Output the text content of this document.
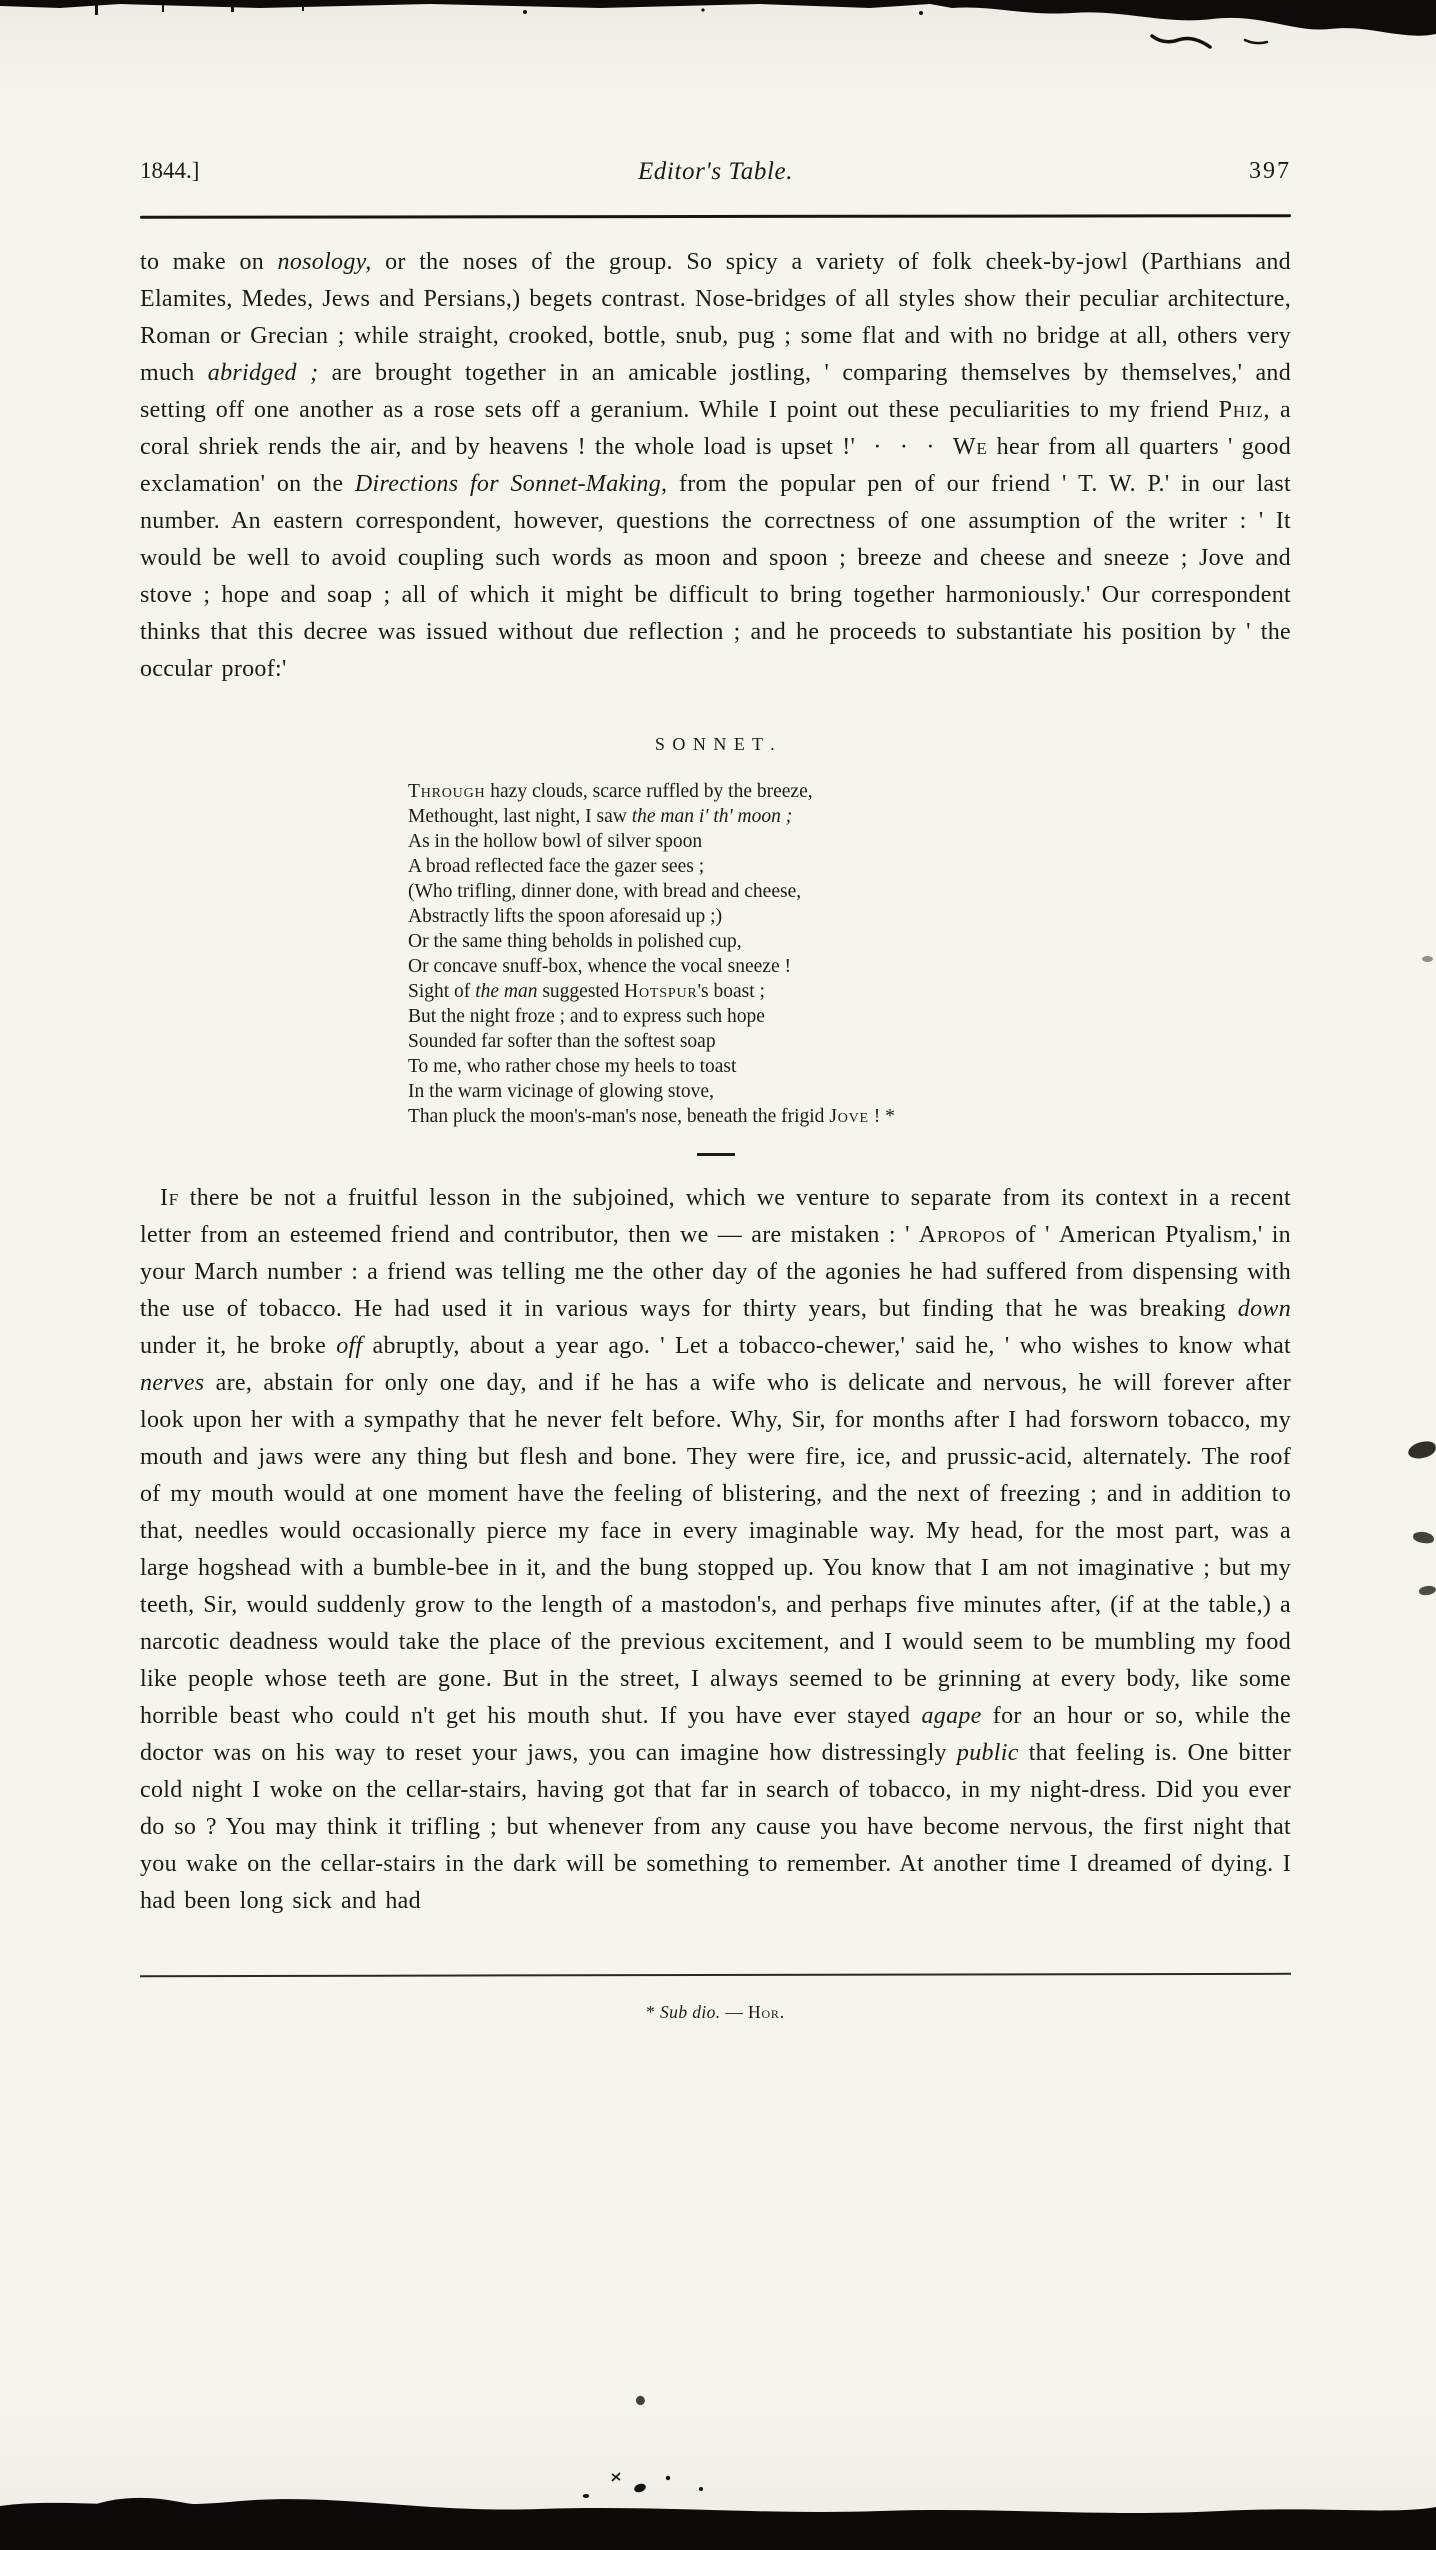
1844.]	Editor's Table.	397

to make on nosology, or the noses of the group. So spicy a variety of folk cheek-by-jowl (Parthians and Elamites, Medes, Jews and Persians,) begets contrast. Nose-bridges of all styles show their peculiar architecture, Roman or Grecian ; while straight, crooked, bottle, snub, pug ; some flat and with no bridge at all, others very much abridged ; are brought together in an amicable jostling, ' comparing themselves by themselves,' and setting off one another as a rose sets off a geranium. While I point out these peculiarities to my friend Phiz, a coral shriek rends the air, and by heavens ! the whole load is upset !'  ·  ·  ·  We hear from all quarters ' good exclamation' on the Directions for Sonnet-Making, from the popular pen of our friend ' T. W. P.' in our last number. An eastern correspondent, however, questions the correctness of one assumption of the writer : ' It would be well to avoid coupling such words as moon and spoon ; breeze and cheese and sneeze ; Jove and stove ; hope and soap ; all of which it might be difficult to bring together harmoniously.' Our correspondent thinks that this decree was issued without due reflection ; and he proceeds to substantiate his position by ' the occular proof:'

S O N N E T .
Through hazy clouds, scarce ruffled by the breeze,
Methought, last night, I saw the man i' th' moon ;
As in the hollow bowl of silver spoon
A broad reflected face the gazer sees ;
(Who trifling, dinner done, with bread and cheese,
Abstractly lifts the spoon aforesaid up ;)
Or the same thing beholds in polished cup,
Or concave snuff-box, whence the vocal sneeze !
Sight of the man suggested Hotspur's boast ;
But the night froze ; and to express such hope
Sounded far softer than the softest soap
To me, who rather chose my heels to toast
In the warm vicinage of glowing stove,
Than pluck the moon's-man's nose, beneath the frigid Jove ! *

If there be not a fruitful lesson in the subjoined, which we venture to separate from its context in a recent letter from an esteemed friend and contributor, then we — are mistaken : ' Apropos of ' American Ptyalism,' in your March number : a friend was telling me the other day of the agonies he had suffered from dispensing with the use of tobacco. He had used it in various ways for thirty years, but finding that he was breaking down under it, he broke off abruptly, about a year ago. ' Let a tobacco-chewer,' said he, ' who wishes to know what nerves are, abstain for only one day, and if he has a wife who is delicate and nervous, he will forever after look upon her with a sympathy that he never felt before. Why, Sir, for months after I had forsworn tobacco, my mouth and jaws were any thing but flesh and bone. They were fire, ice, and prussic-acid, alternately. The roof of my mouth would at one moment have the feeling of blistering, and the next of freezing ; and in addition to that, needles would occasionally pierce my face in every imaginable way. My head, for the most part, was a large hogshead with a bumble-bee in it, and the bung stopped up. You know that I am not imaginative ; but my teeth, Sir, would suddenly grow to the length of a mastodon's, and perhaps five minutes after, (if at the table,) a narcotic deadness would take the place of the previous excitement, and I would seem to be mumbling my food like people whose teeth are gone. But in the street, I always seemed to be grinning at every body, like some horrible beast who could n't get his mouth shut. If you have ever stayed agape for an hour or so, while the doctor was on his way to reset your jaws, you can imagine how distressingly public that feeling is. One bitter cold night I woke on the cellar-stairs, having got that far in search of tobacco, in my night-dress. Did you ever do so ? You may think it trifling ; but whenever from any cause you have become nervous, the first night that you wake on the cellar-stairs in the dark will be something to remember. At another time I dreamed of dying. I had been long sick and had

* Sub dio. — Hor.
